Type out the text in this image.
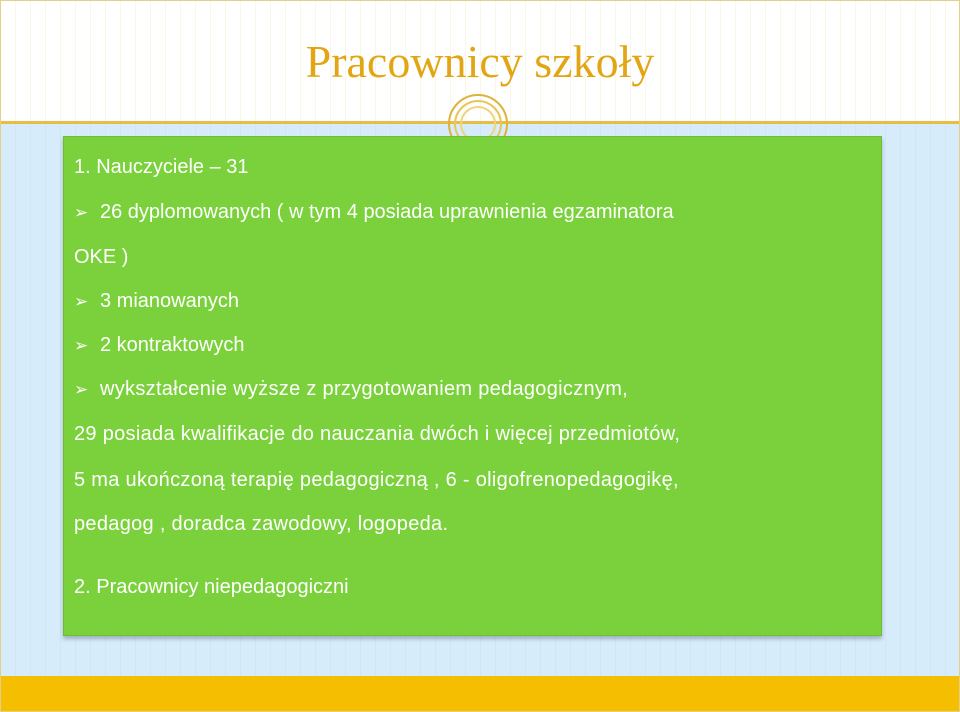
Pracownicy szkoły
1. Nauczyciele – 31
➢ 26 dyplomowanych ( w tym 4 posiada uprawnienia egzaminatora
OKE )
➢ 3 mianowanych
➢ 2 kontraktowych
➢ wykształcenie wyższe z przygotowaniem pedagogicznym,
29 posiada kwalifikacje do nauczania dwóch i więcej przedmiotów,
5 ma ukończoną terapię pedagogiczną , 6 - oligofrenopedagogikę,
pedagog , doradca zawodowy, logopeda.
2. Pracownicy niepedagogiczni
